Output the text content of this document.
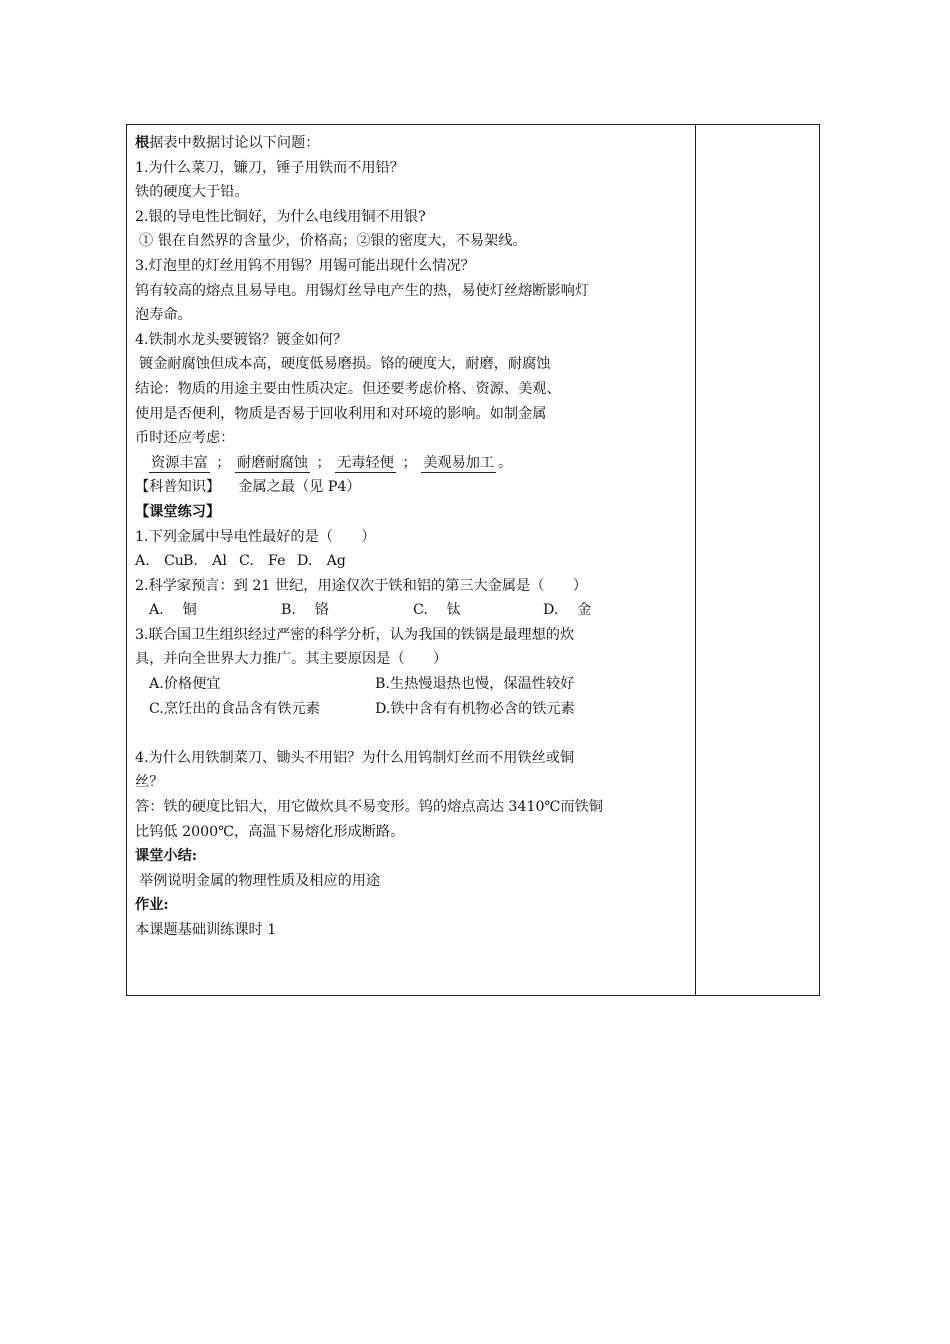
根据表中数据讨论以下问题：
1.为什么菜刀，镰刀，锤子用铁而不用铅？
铁的硬度大于铅。
2.银的导电性比铜好，为什么电线用铜不用银?
① 银在自然界的含量少，价格高；②银的密度大，不易架线。
3.灯泡里的灯丝用钨不用锡？用锡可能出现什么情况？
钨有较高的熔点且易导电。用锡灯丝导电产生的热，易使灯丝熔断影响灯
泡寿命。
4.铁制水龙头要镀铬？镀金如何？
镀金耐腐蚀但成本高，硬度低易磨损。铬的硬度大，耐磨，耐腐蚀
结论：物质的用途主要由性质决定。但还要考虑价格、资源、美观、
使用是否便利，物质是否易于回收利用和对环境的影响。如制金属
币时还应考虑：
资源丰富 ； 耐磨耐腐蚀 ； 无毒轻便 ； 美观易加工 。
【科普知识】 金属之最（见 P4）
【课堂练习】
1.下列金属中导电性最好的是（　　）
A.　CuB.　Al C.　Fe D.　Ag
2.科学家预言：到 21 世纪，用途仅次于铁和铝的第三大金属是（　　）
A.　 铜	B.　 铬	C.　 钛	D.　 金
3.联合国卫生组织经过严密的科学分析，认为我国的铁锅是最理想的炊
具，并向全世界大力推广。其主要原因是（　　）
A.价格便宜	B.生热慢退热也慢，保温性较好
C.烹饪出的食品含有铁元素	D.铁中含有有机物必含的铁元素
4.为什么用铁制菜刀、锄头不用铝？为什么用钨制灯丝而不用铁丝或铜
丝？
答：铁的硬度比铝大，用它做炊具不易变形。钨的熔点高达 3410℃而铁铜
比钨低 2000℃，高温下易熔化形成断路。
课堂小结:
举例说明金属的物理性质及相应的用途
作业:
本课题基础训练课时 1
